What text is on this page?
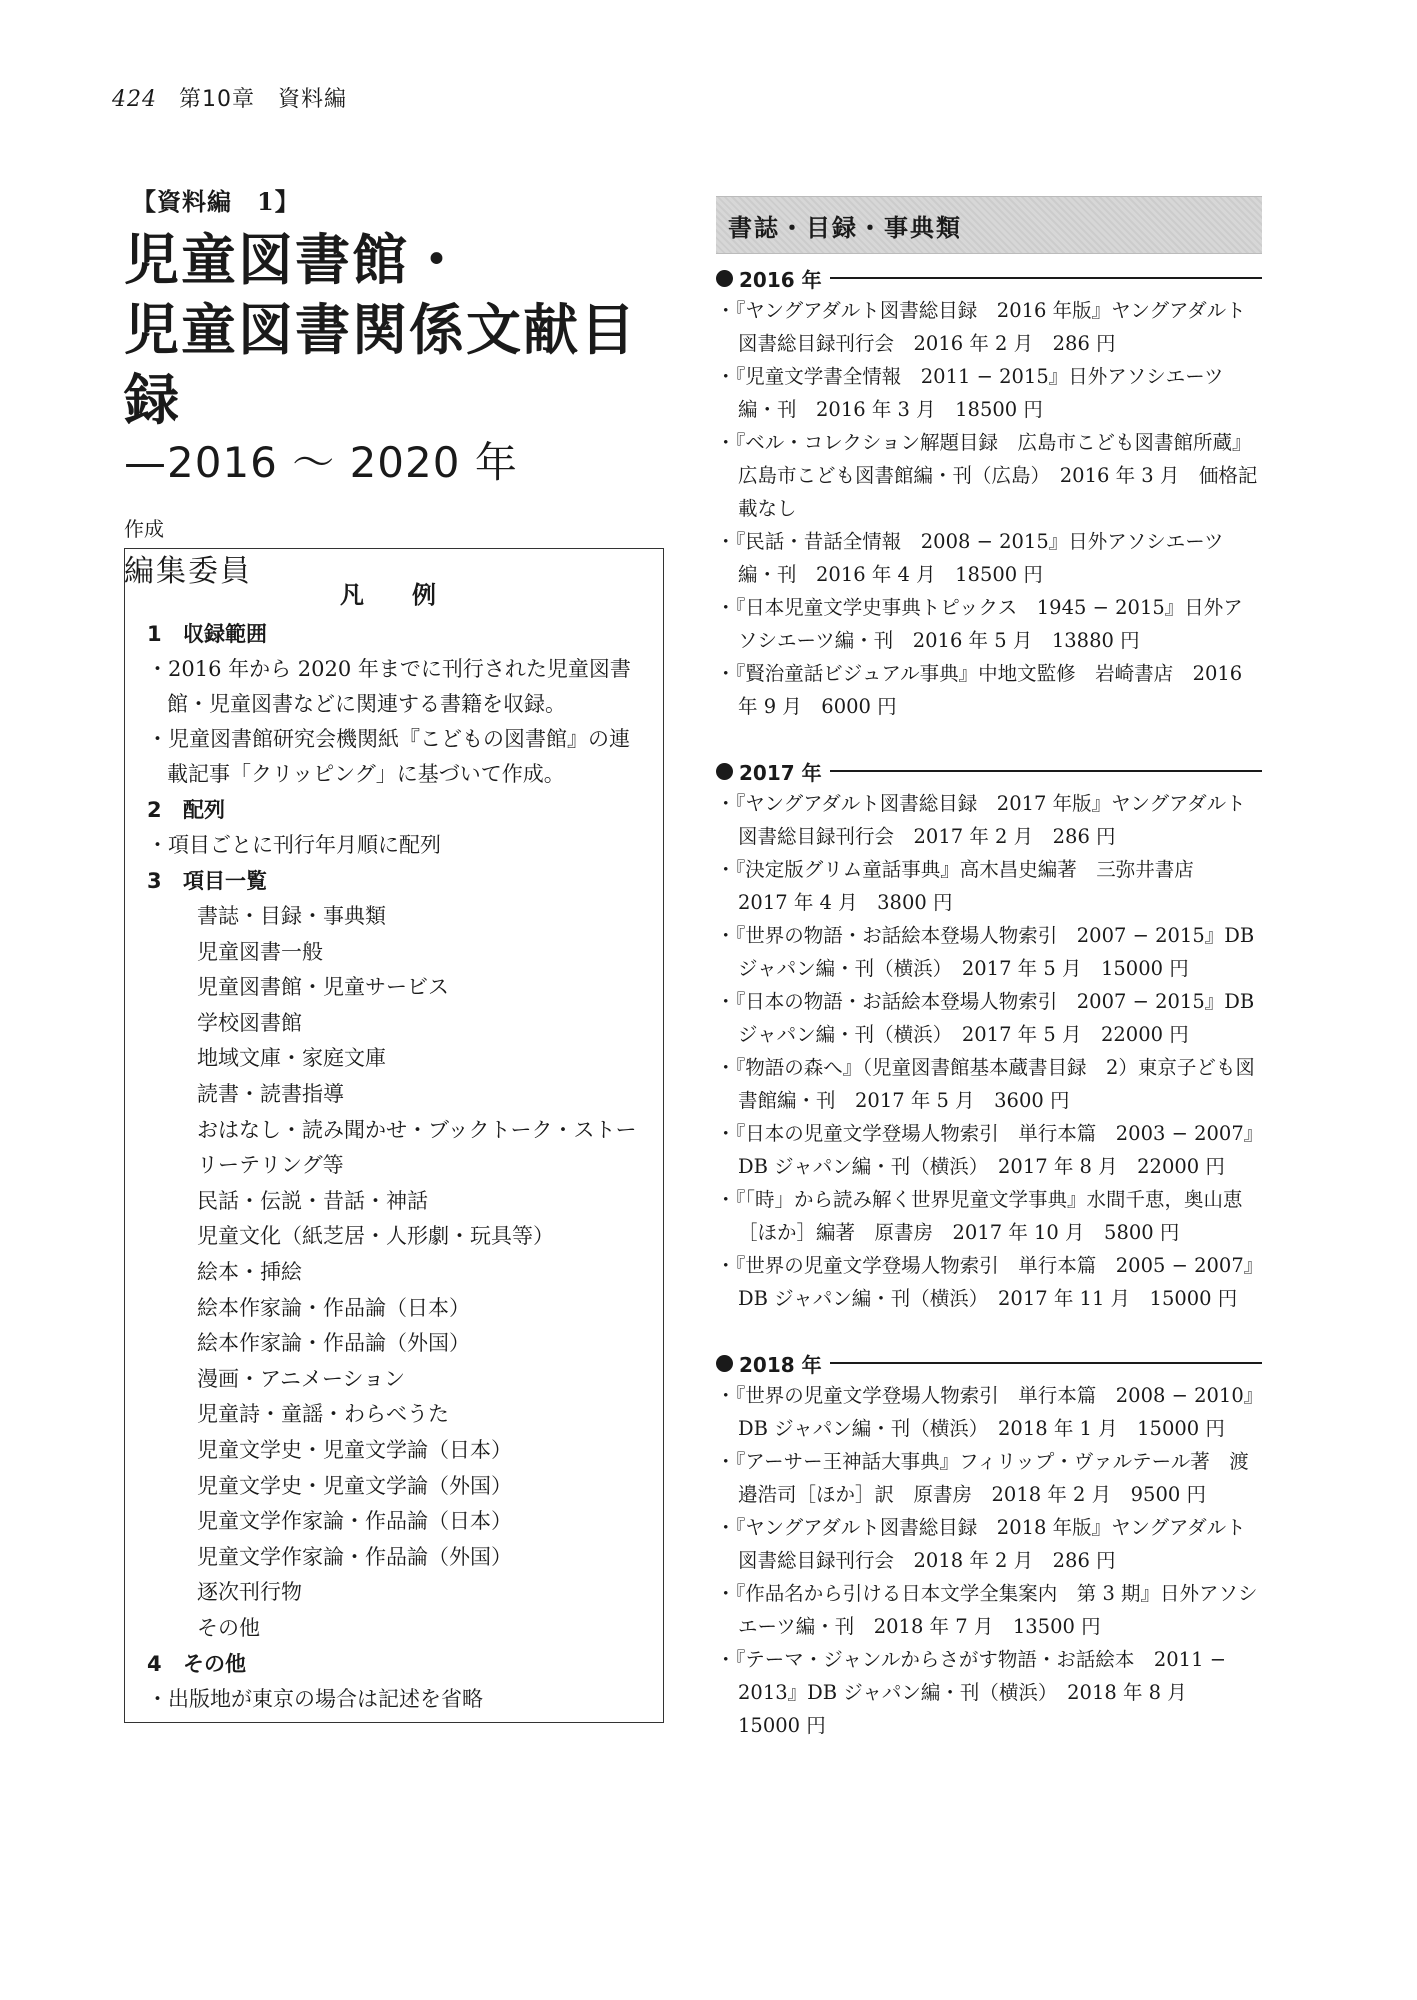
424 第10章　資料編
【資料編　1】
児童図書館・
児童図書関係文献目録
—2016 ～ 2020 年
作成
編集委員
凡　例
1 収録範囲
・2016 年から 2020 年までに刊行された児童図書館・児童図書などに関連する書籍を収録。
・児童図書館研究会機関紙『こどもの図書館』の連載記事「クリッピング」に基づいて作成。
2 配列
・項目ごとに刊行年月順に配列
3 項目一覧
書誌・目録・事典類
児童図書一般
児童図書館・児童サービス
学校図書館
地域文庫・家庭文庫
読書・読書指導
おはなし・読み聞かせ・ブックトーク・ストーリーテリング等
民話・伝説・昔話・神話
児童文化（紙芝居・人形劇・玩具等）
絵本・挿絵
絵本作家論・作品論（日本）
絵本作家論・作品論（外国）
漫画・アニメーション
児童詩・童謡・わらべうた
児童文学史・児童文学論（日本）
児童文学史・児童文学論（外国）
児童文学作家論・作品論（日本）
児童文学作家論・作品論（外国）
逐次刊行物
その他
4 その他
・出版地が東京の場合は記述を省略
書誌・目録・事典類
2016 年
・『ヤングアダルト図書総目録　2016 年版』ヤングアダルト図書総目録刊行会　2016 年 2 月　286 円
・『児童文学書全情報　2011 − 2015』日外アソシエーツ編・刊　2016 年 3 月　18500 円
・『ベル・コレクション解題目録　広島市こども図書館所蔵』広島市こども図書館編・刊（広島）　2016 年 3 月　価格記載なし
・『民話・昔話全情報　2008 − 2015』日外アソシエーツ編・刊　2016 年 4 月　18500 円
・『日本児童文学史事典トピックス　1945 − 2015』日外アソシエーツ編・刊　2016 年 5 月　13880 円
・『賢治童話ビジュアル事典』中地文監修　岩崎書店　2016 年 9 月　6000 円
2017 年
・『ヤングアダルト図書総目録　2017 年版』ヤングアダルト図書総目録刊行会　2017 年 2 月　286 円
・『決定版グリム童話事典』高木昌史編著　三弥井書店　2017 年 4 月　3800 円
・『世界の物語・お話絵本登場人物索引　2007 − 2015』DB ジャパン編・刊（横浜）　2017 年 5 月　15000 円
・『日本の物語・お話絵本登場人物索引　2007 − 2015』DB ジャパン編・刊（横浜）　2017 年 5 月　22000 円
・『物語の森へ』（児童図書館基本蔵書目録　2）東京子ども図書館編・刊　2017 年 5 月　3600 円
・『日本の児童文学登場人物索引　単行本篇　2003 − 2007』DB ジャパン編・刊（横浜）　2017 年 8 月　22000 円
・『「時」から読み解く世界児童文学事典』水間千恵，奥山恵［ほか］編著　原書房　2017 年 10 月　5800 円
・『世界の児童文学登場人物索引　単行本篇　2005 − 2007』DB ジャパン編・刊（横浜）　2017 年 11 月　15000 円
2018 年
・『世界の児童文学登場人物索引　単行本篇　2008 − 2010』DB ジャパン編・刊（横浜）　2018 年 1 月　15000 円
・『アーサー王神話大事典』フィリップ・ヴァルテール著　渡邉浩司［ほか］訳　原書房　2018 年 2 月　9500 円
・『ヤングアダルト図書総目録　2018 年版』ヤングアダルト図書総目録刊行会　2018 年 2 月　286 円
・『作品名から引ける日本文学全集案内　第 3 期』日外アソシエーツ編・刊　2018 年 7 月　13500 円
・『テーマ・ジャンルからさがす物語・お話絵本　2011 − 2013』DB ジャパン編・刊（横浜）　2018 年 8 月　15000 円
